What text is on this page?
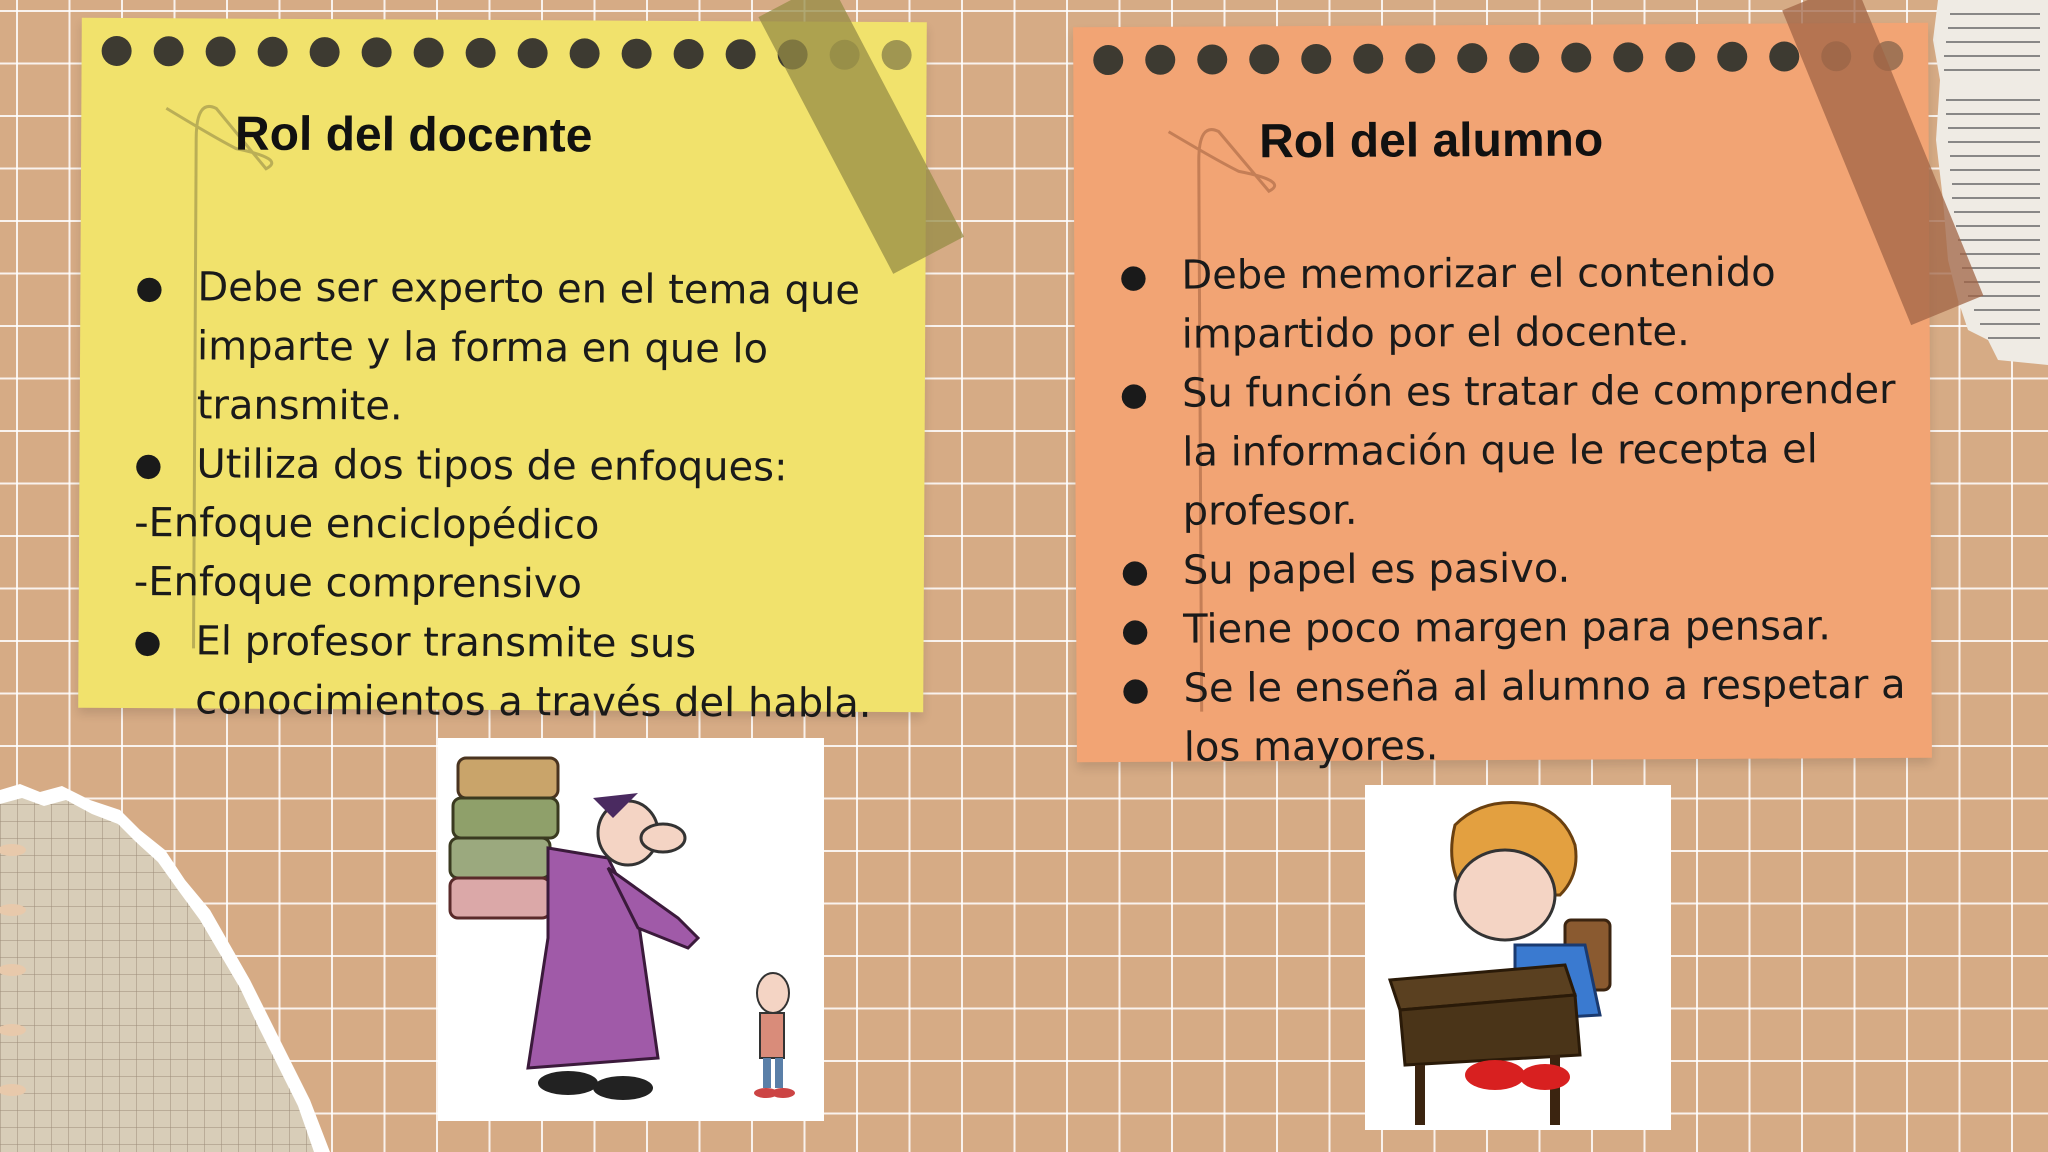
Rol del docente
● Debe ser experto en el tema que imparte y la forma en que lo transmite.
● Utiliza dos tipos de enfoques:
-Enfoque enciclopédico
-Enfoque comprensivo
● El profesor transmite sus conocimientos a través del habla.
Rol del alumno
● Debe memorizar el contenido impartido por el docente.
● Su función es tratar de comprender la información que le recepta el profesor.
● Su papel es pasivo.
● Tiene poco margen para pensar.
● Se le enseña al alumno a respetar a los mayores.
